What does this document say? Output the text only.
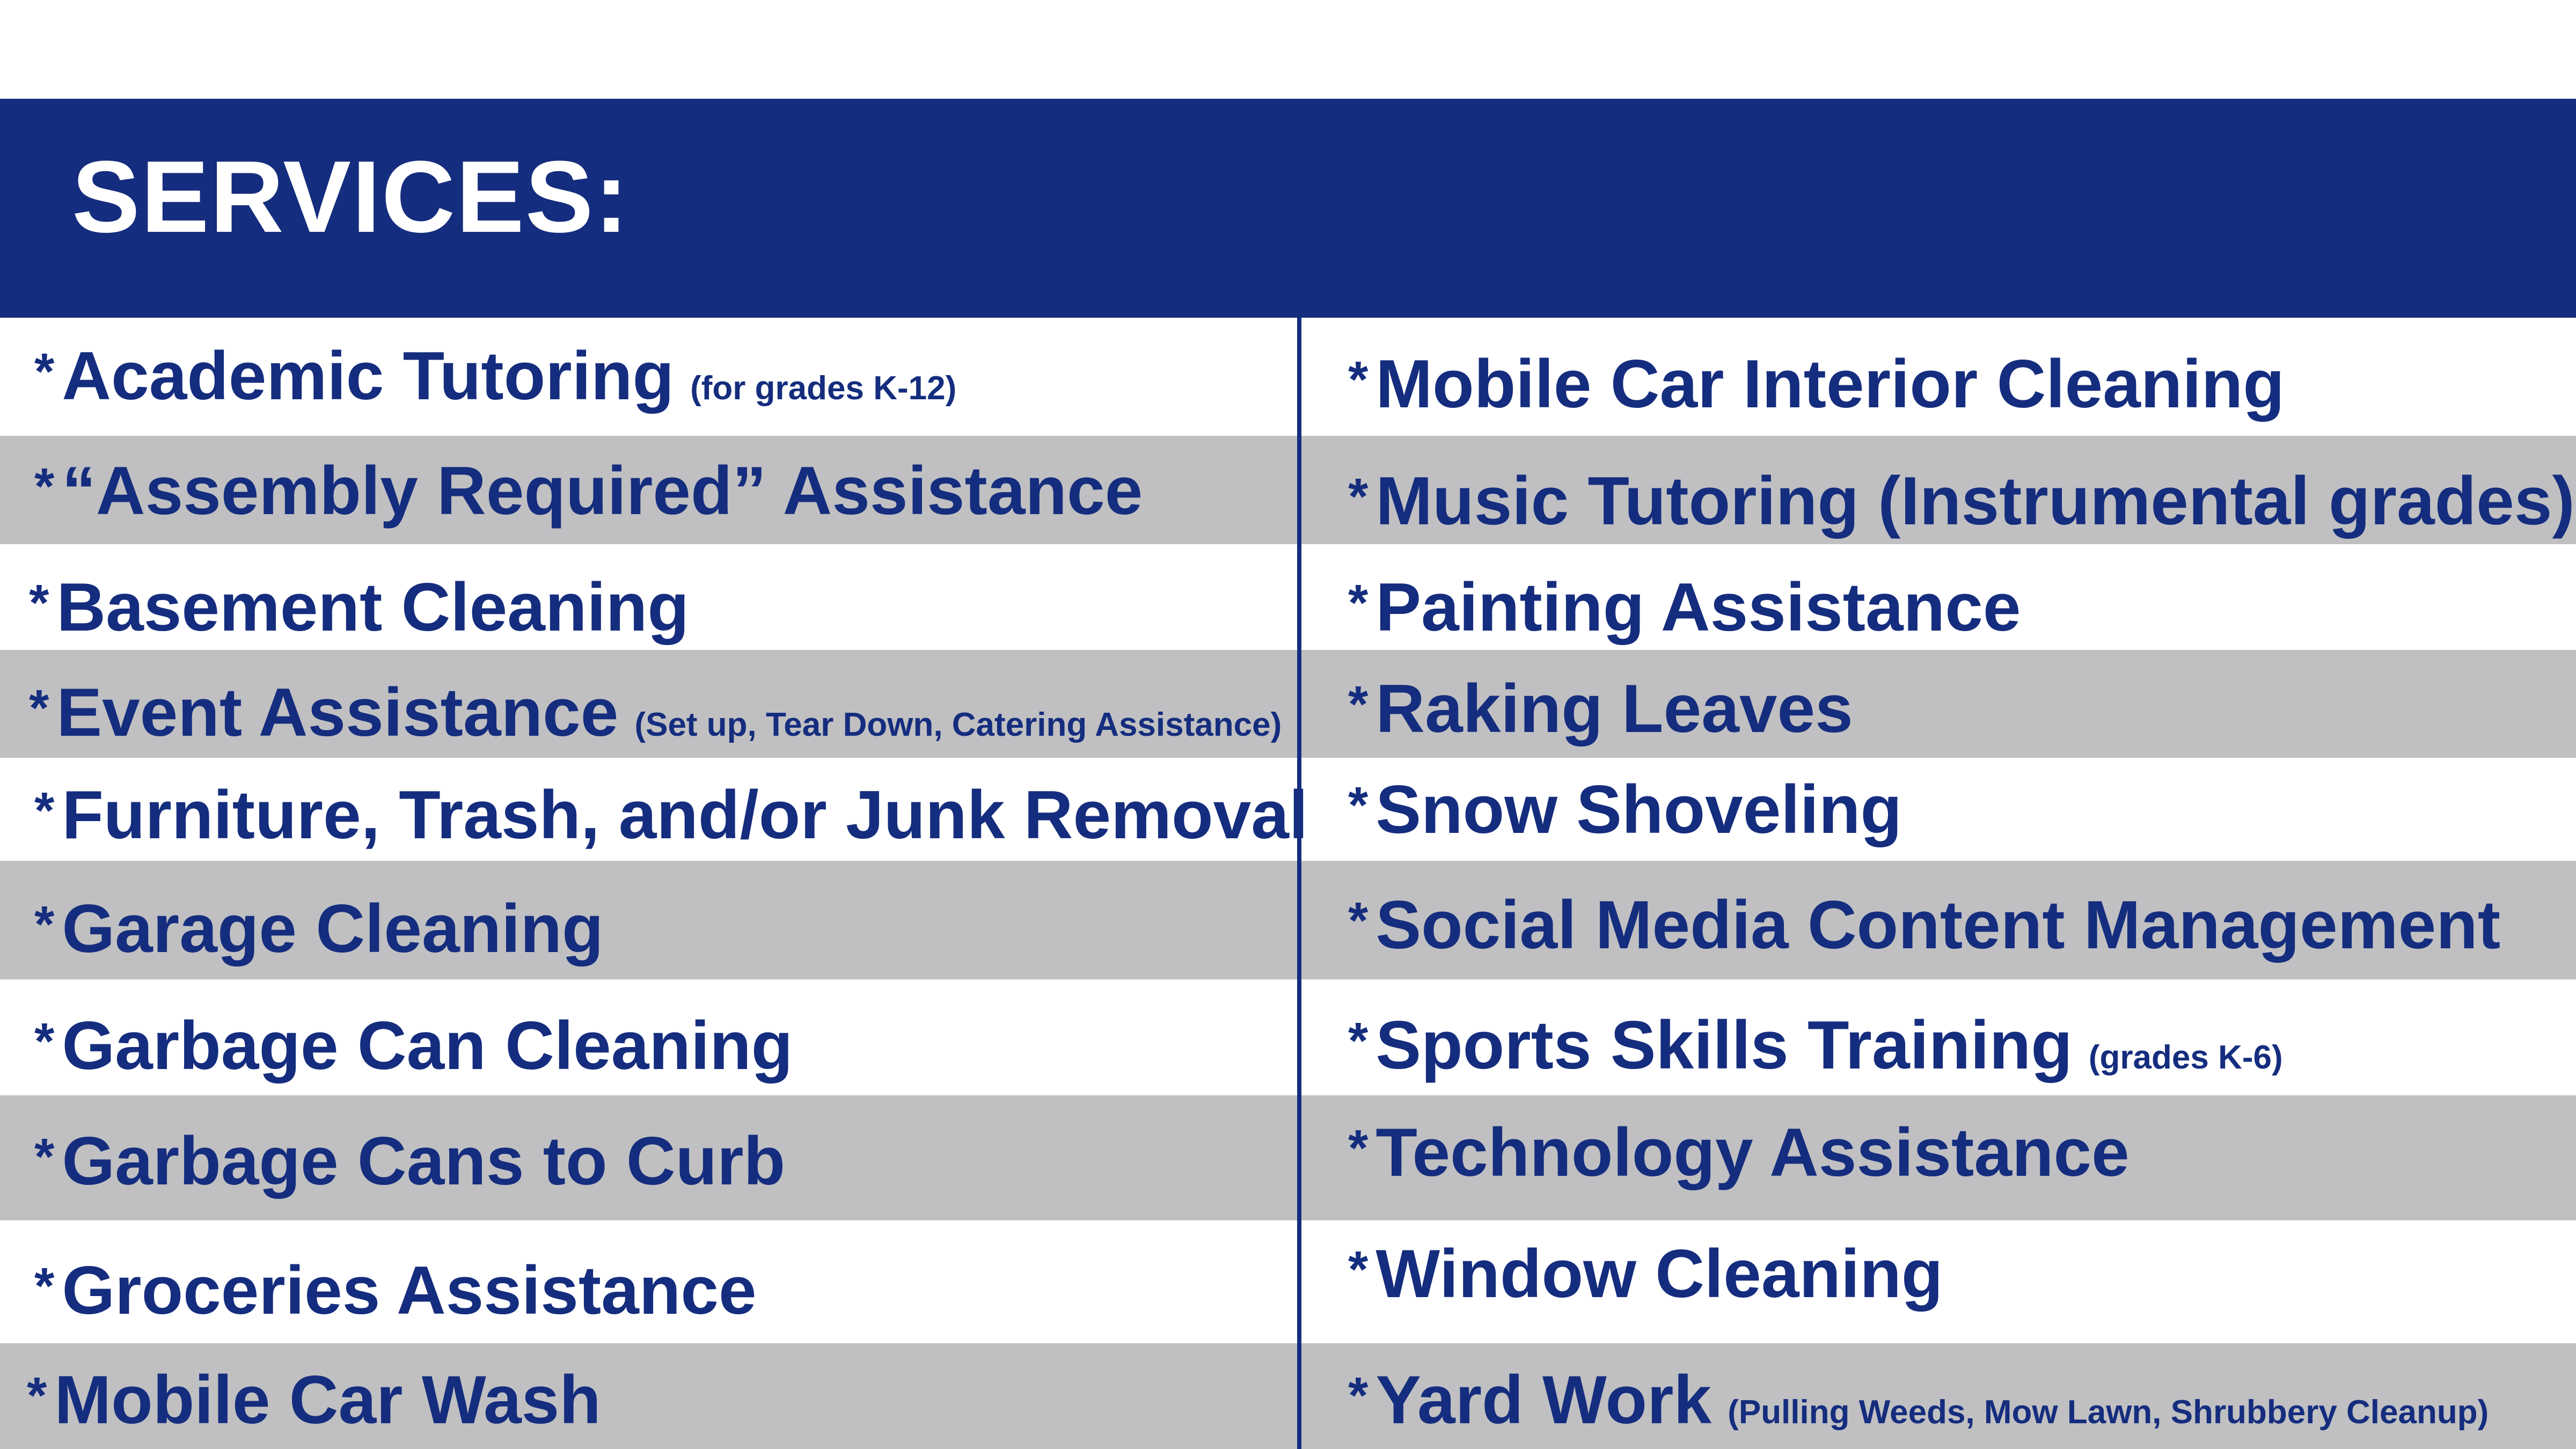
SERVICES:
* Academic Tutoring (for grades K-12)
* “Assembly Required” Assistance
* Basement Cleaning
* Event Assistance (Set up, Tear Down, Catering Assistance)
* Furniture, Trash, and/or Junk Removal
* Garage Cleaning
* Garbage Can Cleaning
* Garbage Cans to Curb
* Groceries Assistance
* Mobile Car Wash
* Mobile Car Interior Cleaning
* Music Tutoring (Instrumental grades)
* Painting Assistance
* Raking Leaves
* Snow Shoveling
* Social Media Content Management
* Sports Skills Training (grades K-6)
* Technology Assistance
* Window Cleaning
* Yard Work (Pulling Weeds, Mow Lawn, Shrubbery Cleanup)
